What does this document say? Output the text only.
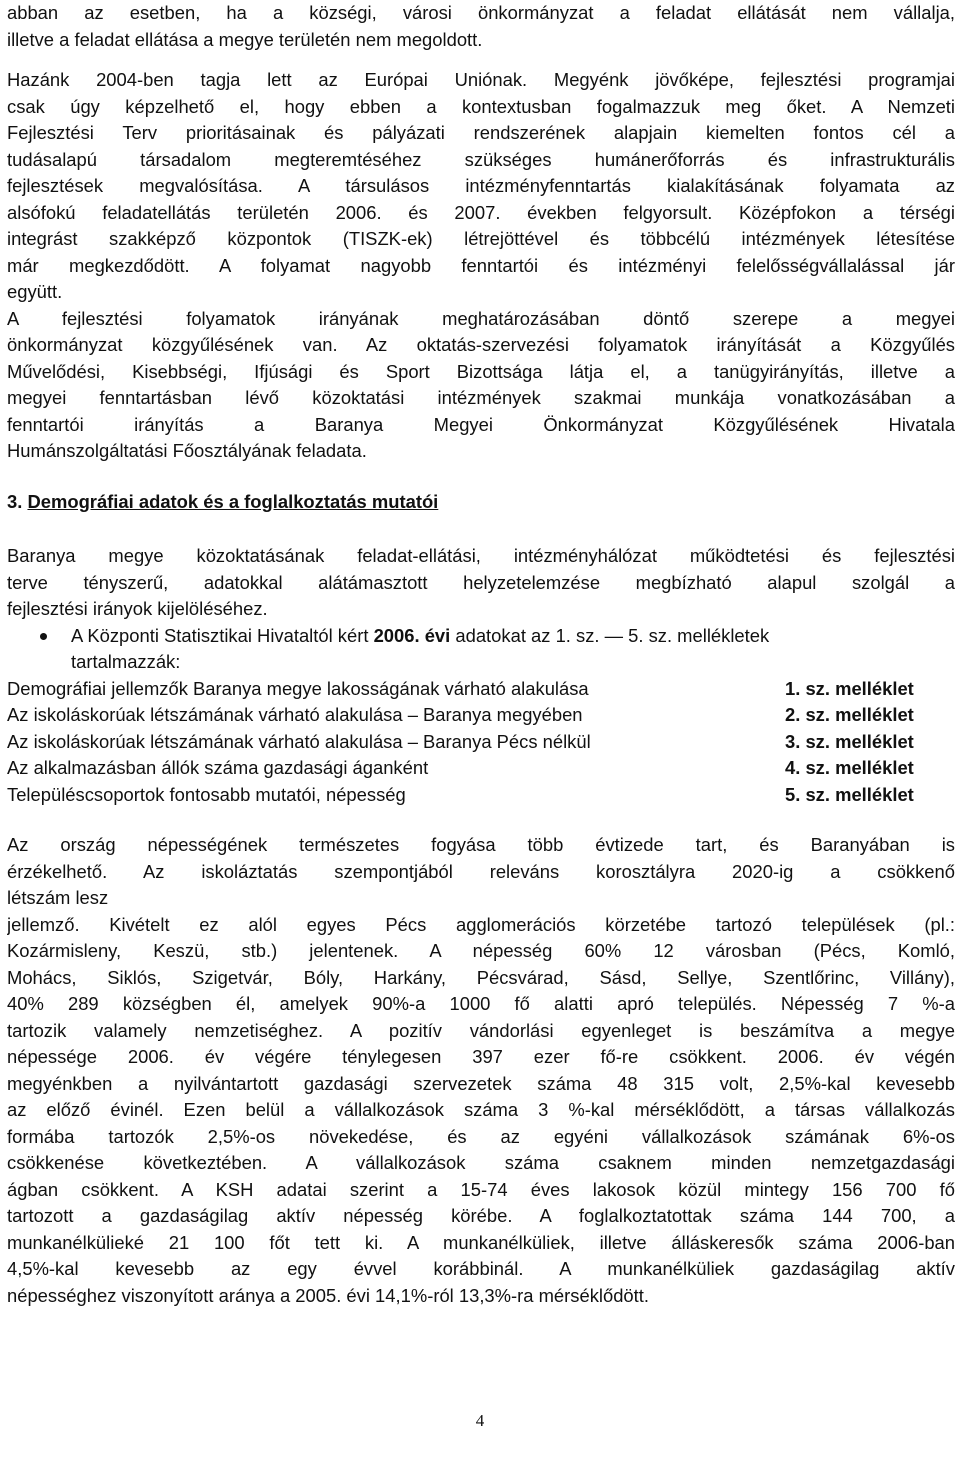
abban az esetben, ha a községi, városi önkormányzat a feladat ellátását nem vállalja,
illetve a feladat ellátása a megye területén nem megoldott.
Hazánk 2004-ben tagja lett az Európai Uniónak. Megyénk jövőképe, fejlesztési programjai
csak úgy képzelhető el, hogy ebben a kontextusban fogalmazzuk meg őket. A Nemzeti
Fejlesztési Terv prioritásainak és pályázati rendszerének alapjain kiemelten fontos cél a
tudásalapú társadalom megteremtéséhez szükséges humánerőforrás és infrastrukturális
fejlesztések megvalósítása. A társulásos intézményfenntartás kialakításának folyamata az
alsófokú feladatellátás területén 2006. és 2007. években felgyorsult. Középfokon a térségi
integrást szakképző központok (TISZK-ek) létrejöttével és többcélú intézmények létesítése
már megkezdődött. A folyamat nagyobb fenntartói és intézményi felelősségvállalással jár
együtt.
A fejlesztési folyamatok irányának meghatározásában döntő szerepe a megyei
önkormányzat közgyűlésének van. Az oktatás-szervezési folyamatok irányítását a Közgyűlés
Művelődési, Kisebbségi, Ifjúsági és Sport Bizottsága látja el, a tanügyirányítás, illetve a
megyei fenntartásban lévő közoktatási intézmények szakmai munkája vonatkozásában a
fenntartói irányítás a Baranya Megyei Önkormányzat Közgyűlésének Hivatala
Humánszolgáltatási Főosztályának feladata.
3. Demográfiai adatok és a foglalkoztatás mutatói
Baranya megye közoktatásának feladat-ellátási, intézményhálózat működtetési és fejlesztési
terve tényszerű, adatokkal alátámasztott helyzetelemzése megbízható alapul szolgál a
fejlesztési irányok kijelöléséhez.
A Központi Statisztikai Hivataltól kért 2006. évi adatokat az 1. sz. — 5. sz. mellékletek
tartalmazzák:
Demográfiai jellemzők Baranya megye lakosságának várható alakulása	1. sz. melléklet
Az iskoláskorúak létszámának várható alakulása – Baranya megyében	2. sz. melléklet
Az iskoláskorúak létszámának várható alakulása – Baranya Pécs nélkül	3. sz. melléklet
Az alkalmazásban állók száma gazdasági áganként	4. sz. melléklet
Településcsoportok fontosabb mutatói, népesség	5. sz. melléklet
Az ország népességének természetes fogyása több évtizede tart, és Baranyában is
érzékelhető. Az iskoláztatás szempontjából releváns korosztályra 2020-ig a csökkenő
létszám lesz
jellemző. Kivételt ez alól egyes Pécs agglomerációs körzetébe tartozó települések (pl.:
Kozármisleny, Keszü, stb.) jelentenek. A népesség 60% 12 városban (Pécs, Komló,
Mohács, Siklós, Szigetvár, Bóly, Harkány, Pécsvárad, Sásd, Sellye, Szentlőrinc, Villány),
40% 289 községben él, amelyek 90%-a 1000 fő alatti apró település. Népesség 7 %-a
tartozik valamely nemzetiséghez. A pozitív vándorlási egyenleget is beszámítva a megye
népessége 2006. év végére ténylegesen 397 ezer fő-re csökkent. 2006. év végén
megyénkben a nyilvántartott gazdasági szervezetek száma 48 315 volt, 2,5%-kal kevesebb
az előző évinél. Ezen belül a vállalkozások száma 3 %-kal mérséklődött, a társas vállalkozás
formába tartozók 2,5%-os növekedése, és az egyéni vállalkozások számának 6%-os
csökkenése következtében. A vállalkozások száma csaknem minden nemzetgazdasági
ágban csökkent. A KSH adatai szerint a 15-74 éves lakosok közül mintegy 156 700 fő
tartozott a gazdaságilag aktív népesség körébe. A foglalkoztatottak száma 144 700, a
munkanélkülieké 21 100 főt tett ki. A munkanélküliek, illetve álláskeresők száma 2006-ban
4,5%-kal kevesebb az egy évvel korábbinál. A munkanélküliek gazdaságilag aktív
népességhez viszonyított aránya a 2005. évi 14,1%-ról 13,3%-ra mérséklődött.
4
